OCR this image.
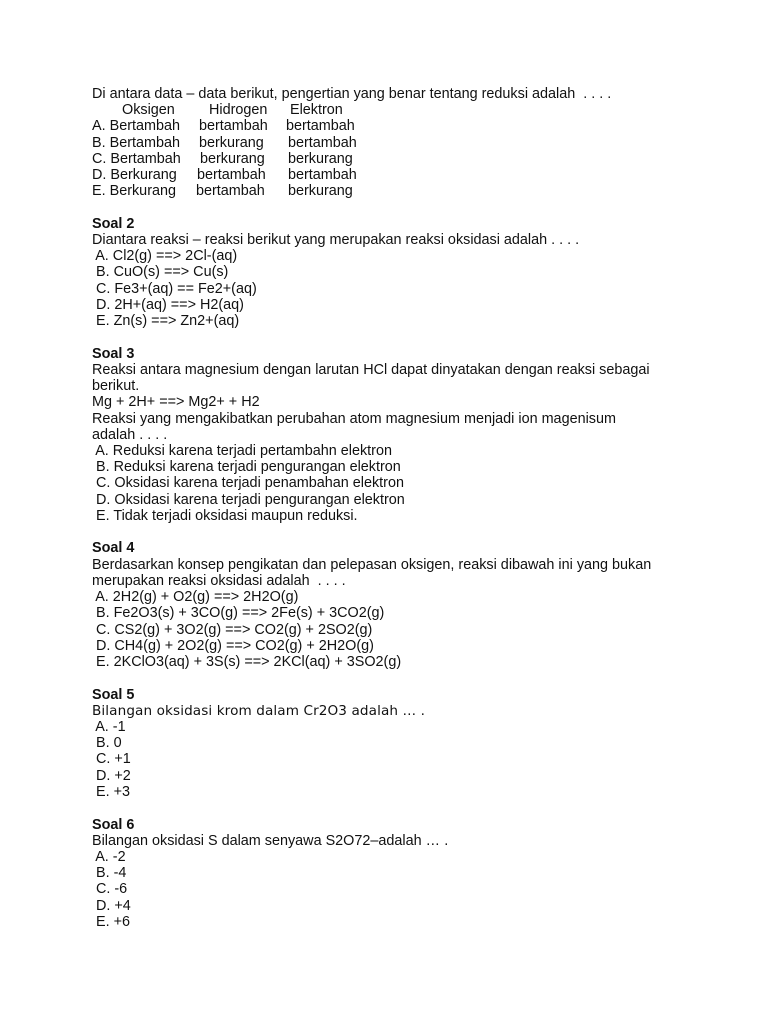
Di antara data – data berikut, pengertian yang benar tentang reduksi adalah  . . . .
Oksigen Hidrogen Elektron
A. Bertambah bertambah bertambah
B. Bertambah berkurang bertambah
C. Bertambah berkurang berkurang
D. Berkurang bertambah bertambah
E. Berkurang bertambah berkurang
Soal 2
Diantara reaksi – reaksi berikut yang merupakan reaksi oksidasi adalah . . . .
A. Cl2(g) ==> 2Cl-(aq)
B. CuO(s) ==> Cu(s)
C. Fe3+(aq) == Fe2+(aq)
D. 2H+(aq) ==> H2(aq)
E. Zn(s) ==> Zn2+(aq)
Soal 3
Reaksi antara magnesium dengan larutan HCl dapat dinyatakan dengan reaksi sebagai
berikut.
Mg + 2H+ ==> Mg2+ + H2
Reaksi yang mengakibatkan perubahan atom magnesium menjadi ion magenisum
adalah . . . .
A. Reduksi karena terjadi pertambahn elektron
B. Reduksi karena terjadi pengurangan elektron
C. Oksidasi karena terjadi penambahan elektron
D. Oksidasi karena terjadi pengurangan elektron
E. Tidak terjadi oksidasi maupun reduksi.
Soal 4
Berdasarkan konsep pengikatan dan pelepasan oksigen, reaksi dibawah ini yang bukan
merupakan reaksi oksidasi adalah  . . . .
A. 2H2(g) + O2(g) ==> 2H2O(g)
B. Fe2O3(s) + 3CO(g) ==> 2Fe(s) + 3CO2(g)
C. CS2(g) + 3O2(g) ==> CO2(g) + 2SO2(g)
D. CH4(g) + 2O2(g) ==> CO2(g) + 2H2O(g)
E. 2KClO3(aq) + 3S(s) ==> 2KCl(aq) + 3SO2(g)
Soal 5
Bilangan oksidasi krom dalam Cr2O3 adalah … .
A. -1
B. 0
C. +1
D. +2
E. +3
Soal 6
Bilangan oksidasi S dalam senyawa S2O72–adalah … .
A. -2
B. -4
C. -6
D. +4
E. +6
